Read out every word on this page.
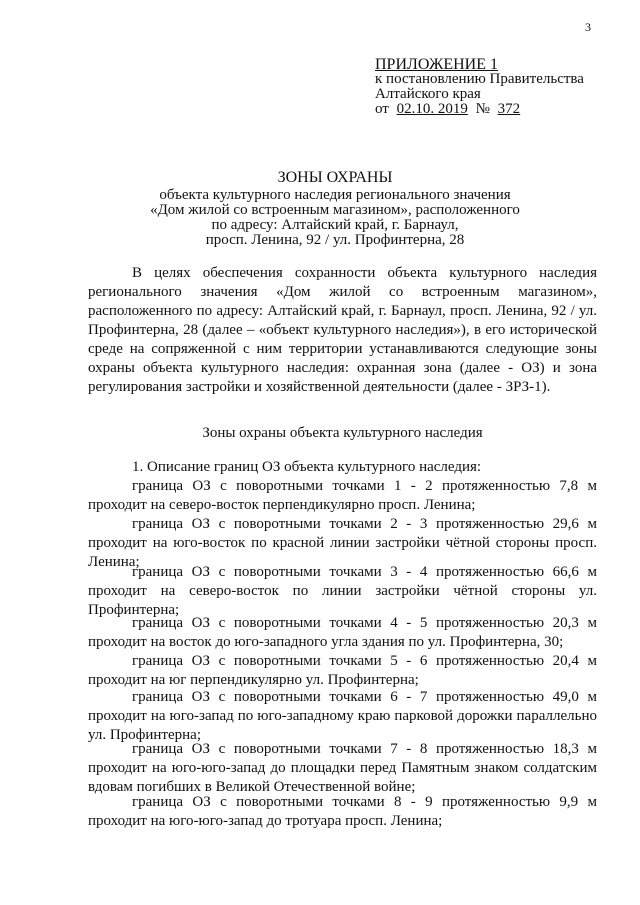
3
ПРИЛОЖЕНИЕ 1
к постановлению Правительства
Алтайского края
от 02.10. 2019 № 372
ЗОНЫ ОХРАНЫ
объекта культурного наследия регионального значения
«Дом жилой со встроенным магазином», расположенного
по адресу: Алтайский край, г. Барнаул,
просп. Ленина, 92 / ул. Профинтерна, 28
В целях обеспечения сохранности объекта культурного наследия регионального значения «Дом жилой со встроенным магазином», расположенного по адресу: Алтайский край, г. Барнаул, просп. Ленина, 92 / ул. Профинтерна, 28 (далее – «объект культурного наследия»), в его исторической среде на сопряженной с ним территории устанавливаются следующие зоны охраны объекта культурного наследия: охранная зона (далее - ОЗ) и зона регулирования застройки и хозяйственной деятельности (далее - ЗРЗ-1).
Зоны охраны объекта культурного наследия
1. Описание границ ОЗ объекта культурного наследия:
граница ОЗ с поворотными точками 1 - 2 протяженностью 7,8 м проходит на северо-восток перпендикулярно просп. Ленина;
граница ОЗ с поворотными точками 2 - 3 протяженностью 29,6 м проходит на юго-восток по красной линии застройки чётной стороны просп. Ленина;
граница ОЗ с поворотными точками 3 - 4 протяженностью 66,6 м проходит на северо-восток по линии застройки чётной стороны ул. Профинтерна;
граница ОЗ с поворотными точками 4 - 5 протяженностью 20,3 м проходит на восток до юго-западного угла здания по ул. Профинтерна, 30;
граница ОЗ с поворотными точками 5 - 6 протяженностью 20,4 м проходит на юг перпендикулярно ул. Профинтерна;
граница ОЗ с поворотными точками 6 - 7 протяженностью 49,0 м проходит на юго-запад по юго-западному краю парковой дорожки параллельно ул. Профинтерна;
граница ОЗ с поворотными точками 7 - 8 протяженностью 18,3 м проходит на юго-юго-запад до площадки перед Памятным знаком солдатским вдовам погибших в Великой Отечественной войне;
граница ОЗ с поворотными точками 8 - 9 протяженностью 9,9 м проходит на юго-юго-запад до тротуара просп. Ленина;
